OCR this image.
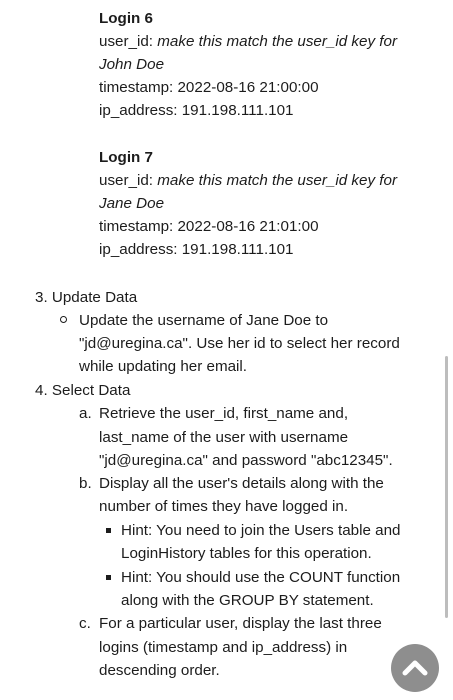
Login 6
user_id: make this match the user_id key for
John Doe
timestamp: 2022-08-16 21:00:00
ip_address: 191.198.111.101
Login 7
user_id: make this match the user_id key for
Jane Doe
timestamp: 2022-08-16 21:01:00
ip_address: 191.198.111.101
3. Update Data
Update the username of Jane Doe to
"jd@uregina.ca". Use her id to select her record
while updating her email.
4. Select Data
a. Retrieve the user_id, first_name and,
last_name of the user with username
"jd@uregina.ca" and password "abc12345".
b. Display all the user's details along with the
number of times they have logged in.
Hint: You need to join the Users table and
LoginHistory tables for this operation.
Hint: You should use the COUNT function
along with the GROUP BY statement.
c. For a particular user, display the last three
logins (timestamp and ip_address) in
descending order.
